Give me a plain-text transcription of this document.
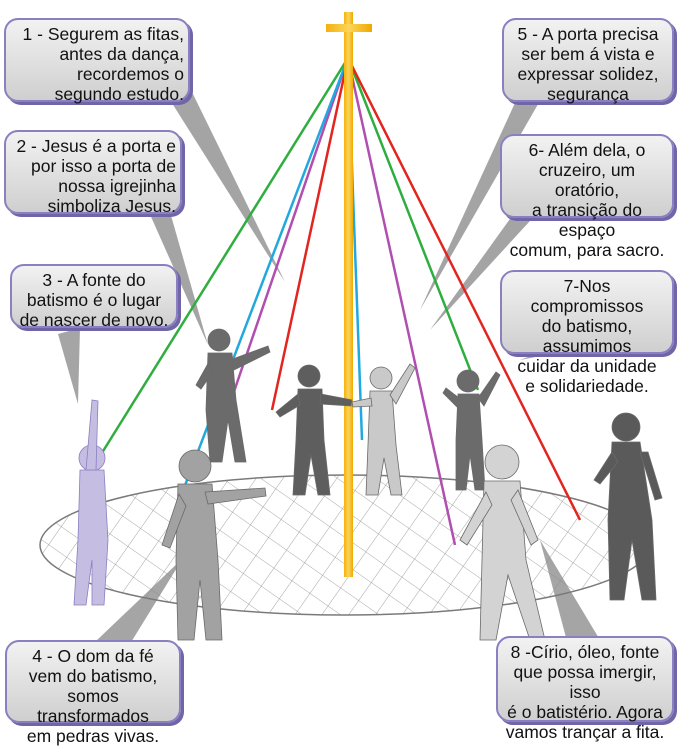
1 - Segurem as fitas,
antes da dança,
recordemos o
segundo estudo.
2 - Jesus é a porta e
por isso a porta de
nossa igrejinha
simboliza Jesus.
3 - A fonte do
batismo é o lugar
de nascer de novo.
4 - O dom da fé
vem do batismo,
somos transformados
em pedras vivas.
5 - A porta precisa
ser bem á vista e
expressar solidez,
segurança
6- Além dela, o
cruzeiro, um oratório,
a transição do espaço
comum, para sacro.
7-Nos compromissos
do batismo, assumimos
cuidar da unidade
e solidariedade.
8 -Círio, óleo, fonte
que possa imergir, isso
é o batistério. Agora
vamos trançar a fita.
